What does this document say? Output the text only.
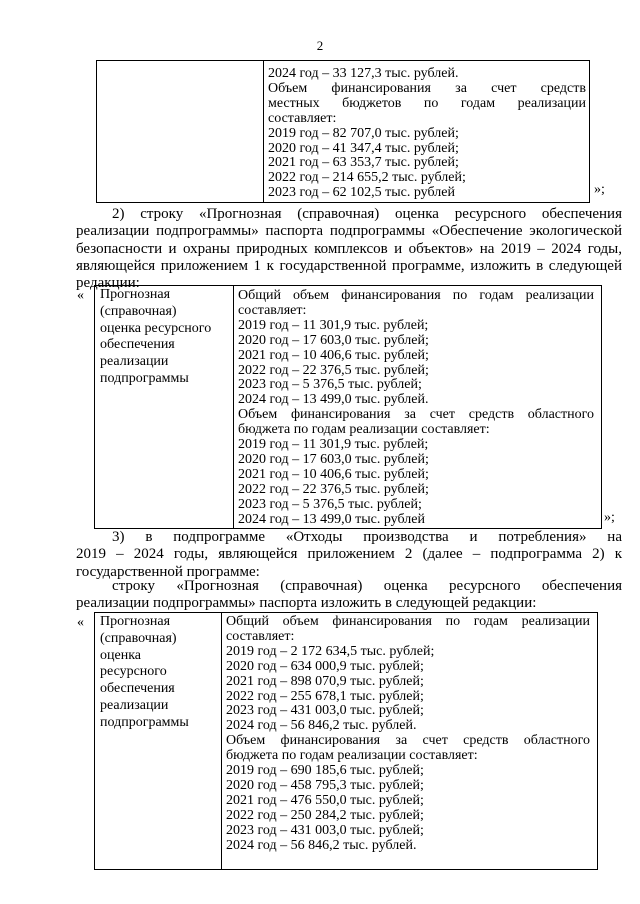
2
2024 год – 33 127,3 тыс. рублей.
Объем финансирования за счет средств
местных бюджетов по годам реализации
составляет:
2019 год – 82 707,0 тыс. рублей;
2020 год – 41 347,4 тыс. рублей;
2021 год – 63 353,7 тыс. рублей;
2022 год – 214 655,2 тыс. рублей;
2023 год – 62 102,5 тыс. рублей	»;
2) строку «Прогнозная (справочная) оценка ресурсного обеспечения
реализации подпрограммы» паспорта подпрограммы «Обеспечение экологической
безопасности и охраны природных комплексов и объектов» на 2019 – 2024 годы,
являющейся приложением 1 к государственной программе, изложить в следующей
редакции:
« Прогнозная
(справочная)
оценка ресурсного
обеспечения
реализации
подпрограммы
Общий объем финансирования по годам реализации
составляет:
2019 год – 11 301,9 тыс. рублей;
2020 год – 17 603,0 тыс. рублей;
2021 год – 10 406,6 тыс. рублей;
2022 год – 22 376,5 тыс. рублей;
2023 год – 5 376,5 тыс. рублей;
2024 год – 13 499,0 тыс. рублей.
Объем финансирования за счет средств областного
бюджета по годам реализации составляет:
2019 год – 11 301,9 тыс. рублей;
2020 год – 17 603,0 тыс. рублей;
2021 год – 10 406,6 тыс. рублей;
2022 год – 22 376,5 тыс. рублей;
2023 год – 5 376,5 тыс. рублей;
2024 год – 13 499,0 тыс. рублей	»;
3) в подпрограмме «Отходы производства и потребления» на
2019 – 2024 годы, являющейся приложением 2 (далее – подпрограмма 2) к
государственной программе:
строку «Прогнозная (справочная) оценка ресурсного обеспечения
реализации подпрограммы» паспорта изложить в следующей редакции:
« Прогнозная
(справочная)
оценка
ресурсного
обеспечения
реализации
подпрограммы
Общий объем финансирования по годам реализации
составляет:
2019 год – 2 172 634,5 тыс. рублей;
2020 год – 634 000,9 тыс. рублей;
2021 год – 898 070,9 тыс. рублей;
2022 год – 255 678,1 тыс. рублей;
2023 год – 431 003,0 тыс. рублей;
2024 год – 56 846,2 тыс. рублей.
Объем финансирования за счет средств областного
бюджета по годам реализации составляет:
2019 год – 690 185,6 тыс. рублей;
2020 год – 458 795,3 тыс. рублей;
2021 год – 476 550,0 тыс. рублей;
2022 год – 250 284,2 тыс. рублей;
2023 год – 431 003,0 тыс. рублей;
2024 год – 56 846,2 тыс. рублей.
